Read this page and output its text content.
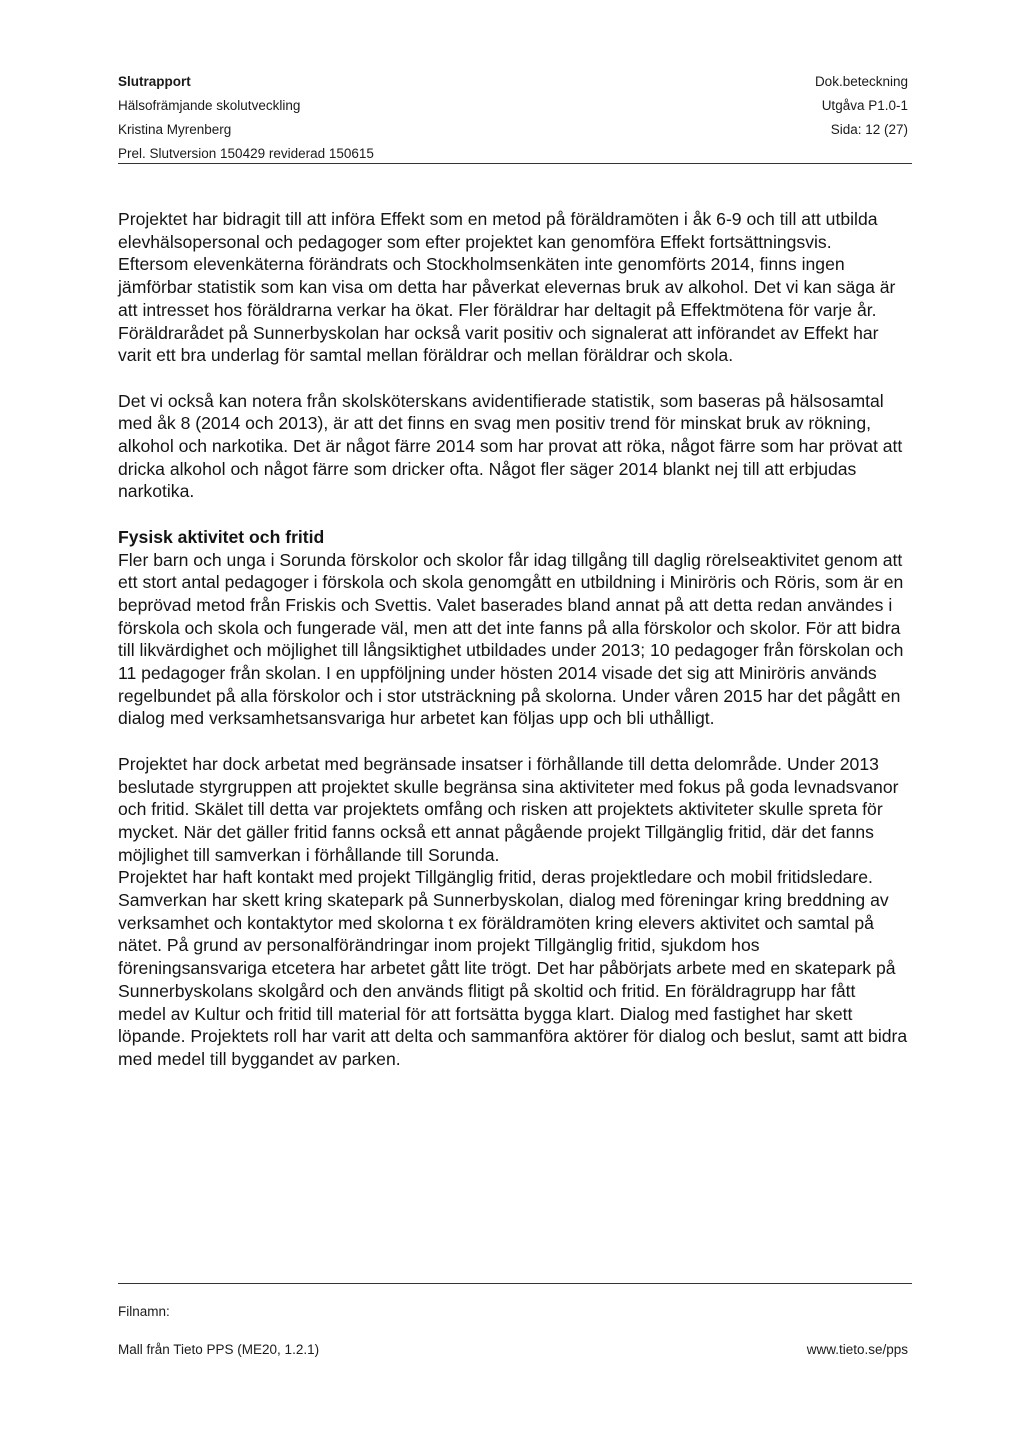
Slutrapport	Dok.beteckning
Hälsofrämjande skolutveckling	Utgåva P1.0-1
Kristina Myrenberg	Sida: 12 (27)
Prel. Slutversion 150429 reviderad 150615

Projektet har bidragit till att införa Effekt som en metod på föräldramöten i åk 6-9 och till att utbilda elevhälsopersonal och pedagoger som efter projektet kan genomföra Effekt fortsättningsvis.

Eftersom elevenkäterna förändrats och Stockholmsenkäten inte genomförts 2014, finns ingen jämförbar statistik som kan visa om detta har påverkat elevernas bruk av alkohol. Det vi kan säga är att intresset hos föräldrarna verkar ha ökat. Fler föräldrar har deltagit på Effektmötena för varje år. Föräldrarådet på Sunnerbyskolan har också varit positiv och signalerat att införandet av Effekt har varit ett bra underlag för samtal mellan föräldrar och mellan föräldrar och skola.

Det vi också kan notera från skolsköterskans avidentifierade statistik, som baseras på hälsosamtal med åk 8 (2014 och 2013), är att det finns en svag men positiv trend för minskat bruk av rökning, alkohol och narkotika. Det är något färre 2014 som har provat att röka, något färre som har prövat att dricka alkohol och något färre som dricker ofta. Något fler säger 2014 blankt nej till att erbjudas narkotika.

Fysisk aktivitet och fritid

Fler barn och unga i Sorunda förskolor och skolor får idag tillgång till daglig rörelseaktivitet genom att ett stort antal pedagoger i förskola och skola genomgått en utbildning i Miniröris och Röris, som är en beprövad metod från Friskis och Svettis. Valet baserades bland annat på att detta redan användes i förskola och skola och fungerade väl, men att det inte fanns på alla förskolor och skolor. För att bidra till likvärdighet och möjlighet till långsiktighet utbildades under 2013; 10 pedagoger från förskolan och 11 pedagoger från skolan. I en uppföljning under hösten 2014 visade det sig att Miniröris används regelbundet på alla förskolor och i stor utsträckning på skolorna. Under våren 2015 har det pågått en dialog med verksamhetsansvariga hur arbetet kan följas upp och bli uthålligt.

Projektet har dock arbetat med begränsade insatser i förhållande till detta delområde. Under 2013 beslutade styrgruppen att projektet skulle begränsa sina aktiviteter med fokus på goda levnadsvanor och fritid. Skälet till detta var projektets omfång och risken att projektets aktiviteter skulle spreta för mycket. När det gäller fritid fanns också ett annat pågående projekt Tillgänglig fritid, där det fanns möjlighet till samverkan i förhållande till Sorunda.

Projektet har haft kontakt med projekt Tillgänglig fritid, deras projektledare och mobil fritidsledare. Samverkan har skett kring skatepark på Sunnerbyskolan, dialog med föreningar kring breddning av verksamhet och kontaktytor med skolorna t ex föräldramöten kring elevers aktivitet och samtal på nätet. På grund av personalförändringar inom projekt Tillgänglig fritid, sjukdom hos föreningsansvariga etcetera har arbetet gått lite trögt. Det har påbörjats arbete med en skatepark på Sunnerbyskolans skolgård och den används flitigt på skoltid och fritid. En föräldragrupp har fått medel av Kultur och fritid till material för att fortsätta bygga klart. Dialog med fastighet har skett löpande. Projektets roll har varit att delta och sammanföra aktörer för dialog och beslut, samt att bidra med medel till byggandet av parken.

Filnamn:
Mall från Tieto PPS (ME20, 1.2.1)	www.tieto.se/pps
